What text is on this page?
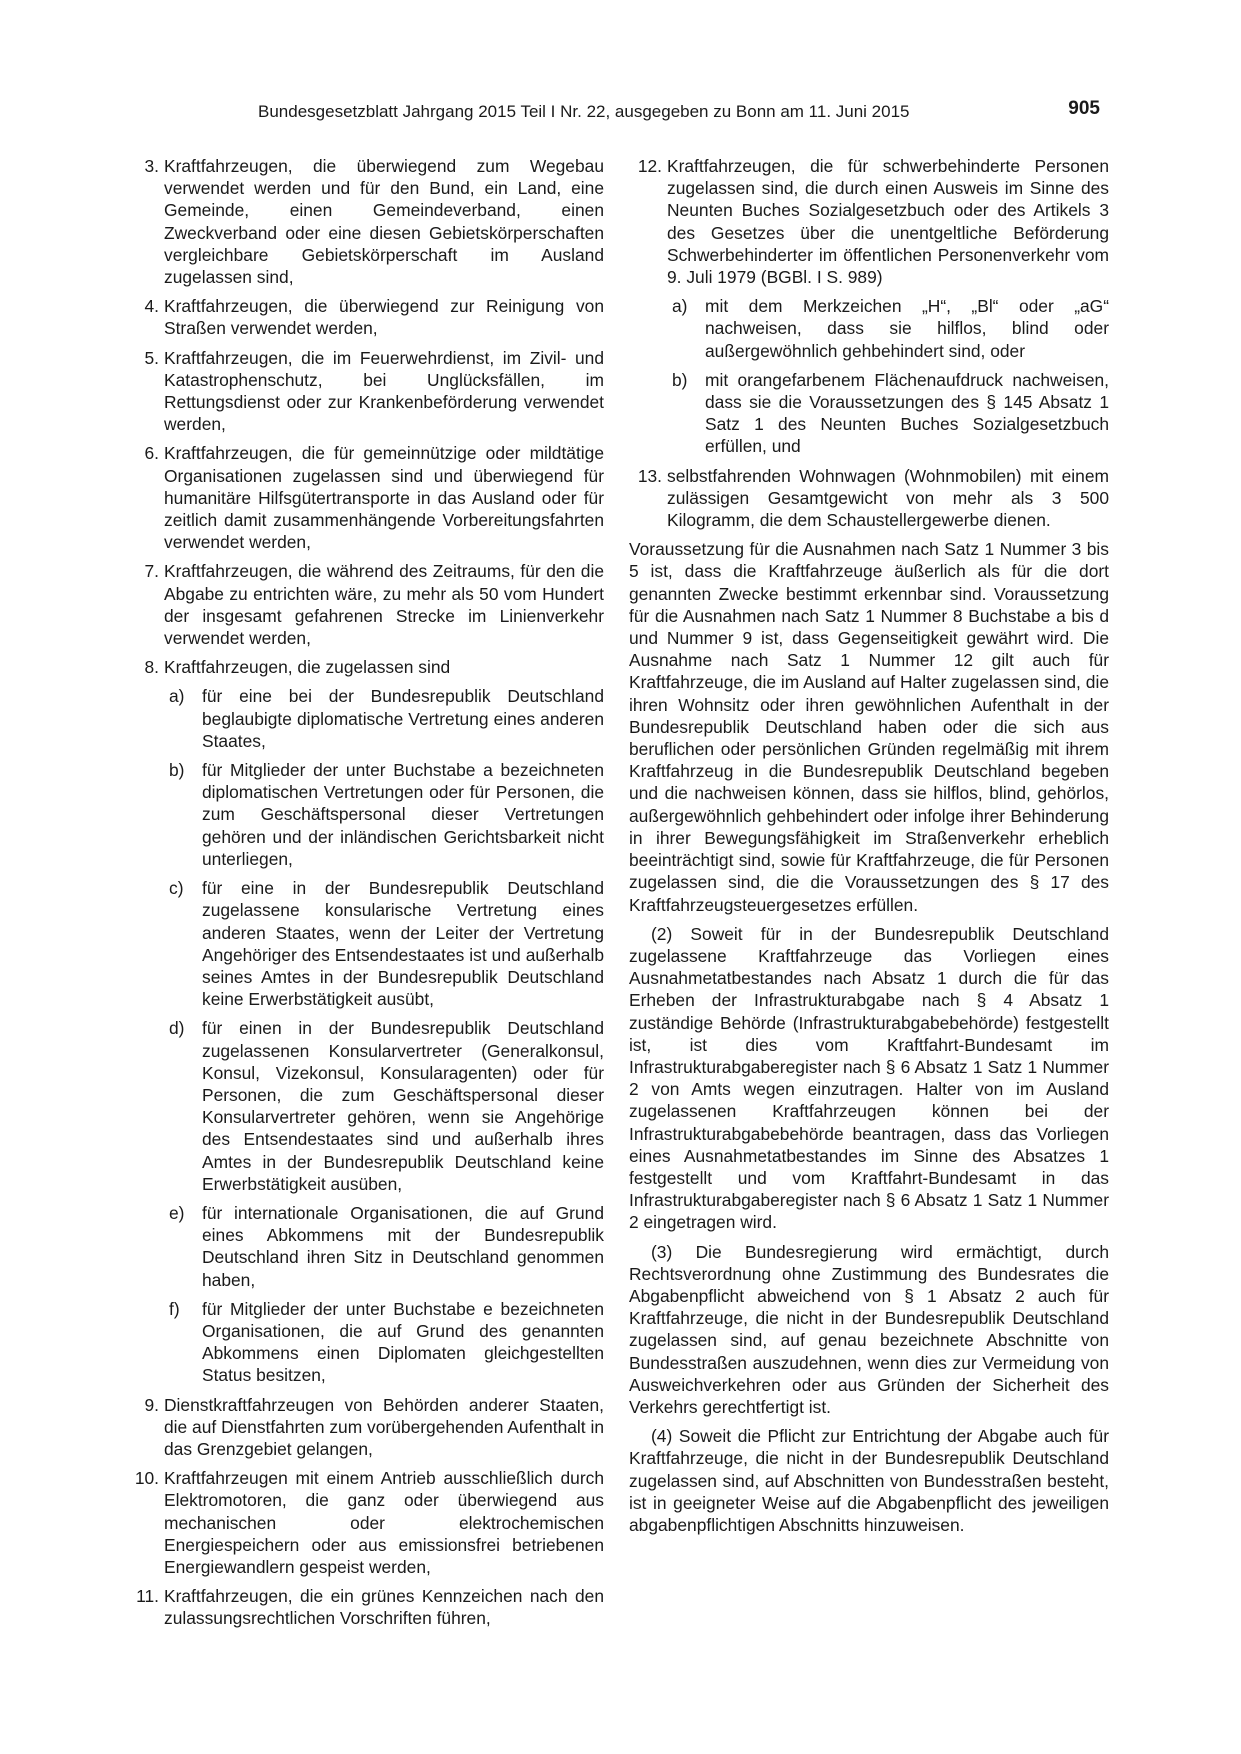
Bundesgesetzblatt Jahrgang 2015 Teil I Nr. 22, ausgegeben zu Bonn am 11. Juni 2015	905
3. Kraftfahrzeugen, die überwiegend zum Wegebau verwendet werden und für den Bund, ein Land, eine Gemeinde, einen Gemeindeverband, einen Zweckverband oder eine diesen Gebietskörperschaften vergleichbare Gebietskörperschaft im Ausland zugelassen sind,
4. Kraftfahrzeugen, die überwiegend zur Reinigung von Straßen verwendet werden,
5. Kraftfahrzeugen, die im Feuerwehrdienst, im Zivil- und Katastrophenschutz, bei Unglücksfällen, im Rettungsdienst oder zur Krankenbeförderung verwendet werden,
6. Kraftfahrzeugen, die für gemeinnützige oder mildtätige Organisationen zugelassen sind und überwiegend für humanitäre Hilfsgütertransporte in das Ausland oder für zeitlich damit zusammenhängende Vorbereitungsfahrten verwendet werden,
7. Kraftfahrzeugen, die während des Zeitraums, für den die Abgabe zu entrichten wäre, zu mehr als 50 vom Hundert der insgesamt gefahrenen Strecke im Linienverkehr verwendet werden,
8. Kraftfahrzeugen, die zugelassen sind
a) für eine bei der Bundesrepublik Deutschland beglaubigte diplomatische Vertretung eines anderen Staates,
b) für Mitglieder der unter Buchstabe a bezeichneten diplomatischen Vertretungen oder für Personen, die zum Geschäftspersonal dieser Vertretungen gehören und der inländischen Gerichtsbarkeit nicht unterliegen,
c) für eine in der Bundesrepublik Deutschland zugelassene konsularische Vertretung eines anderen Staates, wenn der Leiter der Vertretung Angehöriger des Entsendestaates ist und außerhalb seines Amtes in der Bundesrepublik Deutschland keine Erwerbstätigkeit ausübt,
d) für einen in der Bundesrepublik Deutschland zugelassenen Konsularvertreter (Generalkonsul, Konsul, Vizekonsul, Konsularagenten) oder für Personen, die zum Geschäftspersonal dieser Konsularvertreter gehören, wenn sie Angehörige des Entsendestaates sind und außerhalb ihres Amtes in der Bundesrepublik Deutschland keine Erwerbstätigkeit ausüben,
e) für internationale Organisationen, die auf Grund eines Abkommens mit der Bundesrepublik Deutschland ihren Sitz in Deutschland genommen haben,
f) für Mitglieder der unter Buchstabe e bezeichneten Organisationen, die auf Grund des genannten Abkommens einen Diplomaten gleichgestellten Status besitzen,
9. Dienstkraftfahrzeugen von Behörden anderer Staaten, die auf Dienstfahrten zum vorübergehenden Aufenthalt in das Grenzgebiet gelangen,
10. Kraftfahrzeugen mit einem Antrieb ausschließlich durch Elektromotoren, die ganz oder überwiegend aus mechanischen oder elektrochemischen Energiespeichern oder aus emissionsfrei betriebenen Energiewandlern gespeist werden,
11. Kraftfahrzeugen, die ein grünes Kennzeichen nach den zulassungsrechtlichen Vorschriften führen,
12. Kraftfahrzeugen, die für schwerbehinderte Personen zugelassen sind, die durch einen Ausweis im Sinne des Neunten Buches Sozialgesetzbuch oder des Artikels 3 des Gesetzes über die unentgeltliche Beförderung Schwerbehinderter im öffentlichen Personenverkehr vom 9. Juli 1979 (BGBl. I S. 989)
a) mit dem Merkzeichen „H“, „Bl“ oder „aG“ nachweisen, dass sie hilflos, blind oder außergewöhnlich gehbehindert sind, oder
b) mit orangefarbenem Flächenaufdruck nachweisen, dass sie die Voraussetzungen des § 145 Absatz 1 Satz 1 des Neunten Buches Sozialgesetzbuch erfüllen, und
13. selbstfahrenden Wohnwagen (Wohnmobilen) mit einem zulässigen Gesamtgewicht von mehr als 3 500 Kilogramm, die dem Schaustellergewerbe dienen.

Voraussetzung für die Ausnahmen nach Satz 1 Nummer 3 bis 5 ist, dass die Kraftfahrzeuge äußerlich als für die dort genannten Zwecke bestimmt erkennbar sind. Voraussetzung für die Ausnahmen nach Satz 1 Nummer 8 Buchstabe a bis d und Nummer 9 ist, dass Gegenseitigkeit gewährt wird. Die Ausnahme nach Satz 1 Nummer 12 gilt auch für Kraftfahrzeuge, die im Ausland auf Halter zugelassen sind, die ihren Wohnsitz oder ihren gewöhnlichen Aufenthalt in der Bundesrepublik Deutschland haben oder die sich aus beruflichen oder persönlichen Gründen regelmäßig mit ihrem Kraftfahrzeug in die Bundesrepublik Deutschland begeben und die nachweisen können, dass sie hilflos, blind, gehörlos, außergewöhnlich gehbehindert oder infolge ihrer Behinderung in ihrer Bewegungsfähigkeit im Straßenverkehr erheblich beeinträchtigt sind, sowie für Kraftfahrzeuge, die für Personen zugelassen sind, die die Voraussetzungen des § 17 des Kraftfahrzeugsteuergesetzes erfüllen.

(2) Soweit für in der Bundesrepublik Deutschland zugelassene Kraftfahrzeuge das Vorliegen eines Ausnahmetatbestandes nach Absatz 1 durch die für das Erheben der Infrastrukturabgabe nach § 4 Absatz 1 zuständige Behörde (Infrastrukturabgabebehörde) festgestellt ist, ist dies vom Kraftfahrt-Bundesamt im Infrastrukturabgaberegister nach § 6 Absatz 1 Satz 1 Nummer 2 von Amts wegen einzutragen. Halter von im Ausland zugelassenen Kraftfahrzeugen können bei der Infrastrukturabgabebehörde beantragen, dass das Vorliegen eines Ausnahmetatbestandes im Sinne des Absatzes 1 festgestellt und vom Kraftfahrt-Bundesamt in das Infrastrukturabgaberegister nach § 6 Absatz 1 Satz 1 Nummer 2 eingetragen wird.

(3) Die Bundesregierung wird ermächtigt, durch Rechtsverordnung ohne Zustimmung des Bundesrates die Abgabenpflicht abweichend von § 1 Absatz 2 auch für Kraftfahrzeuge, die nicht in der Bundesrepublik Deutschland zugelassen sind, auf genau bezeichnete Abschnitte von Bundesstraßen auszudehnen, wenn dies zur Vermeidung von Ausweichverkehren oder aus Gründen der Sicherheit des Verkehrs gerechtfertigt ist.

(4) Soweit die Pflicht zur Entrichtung der Abgabe auch für Kraftfahrzeuge, die nicht in der Bundesrepublik Deutschland zugelassen sind, auf Abschnitten von Bundesstraßen besteht, ist in geeigneter Weise auf die Abgabenpflicht des jeweiligen abgabenpflichtigen Abschnitts hinzuweisen.
